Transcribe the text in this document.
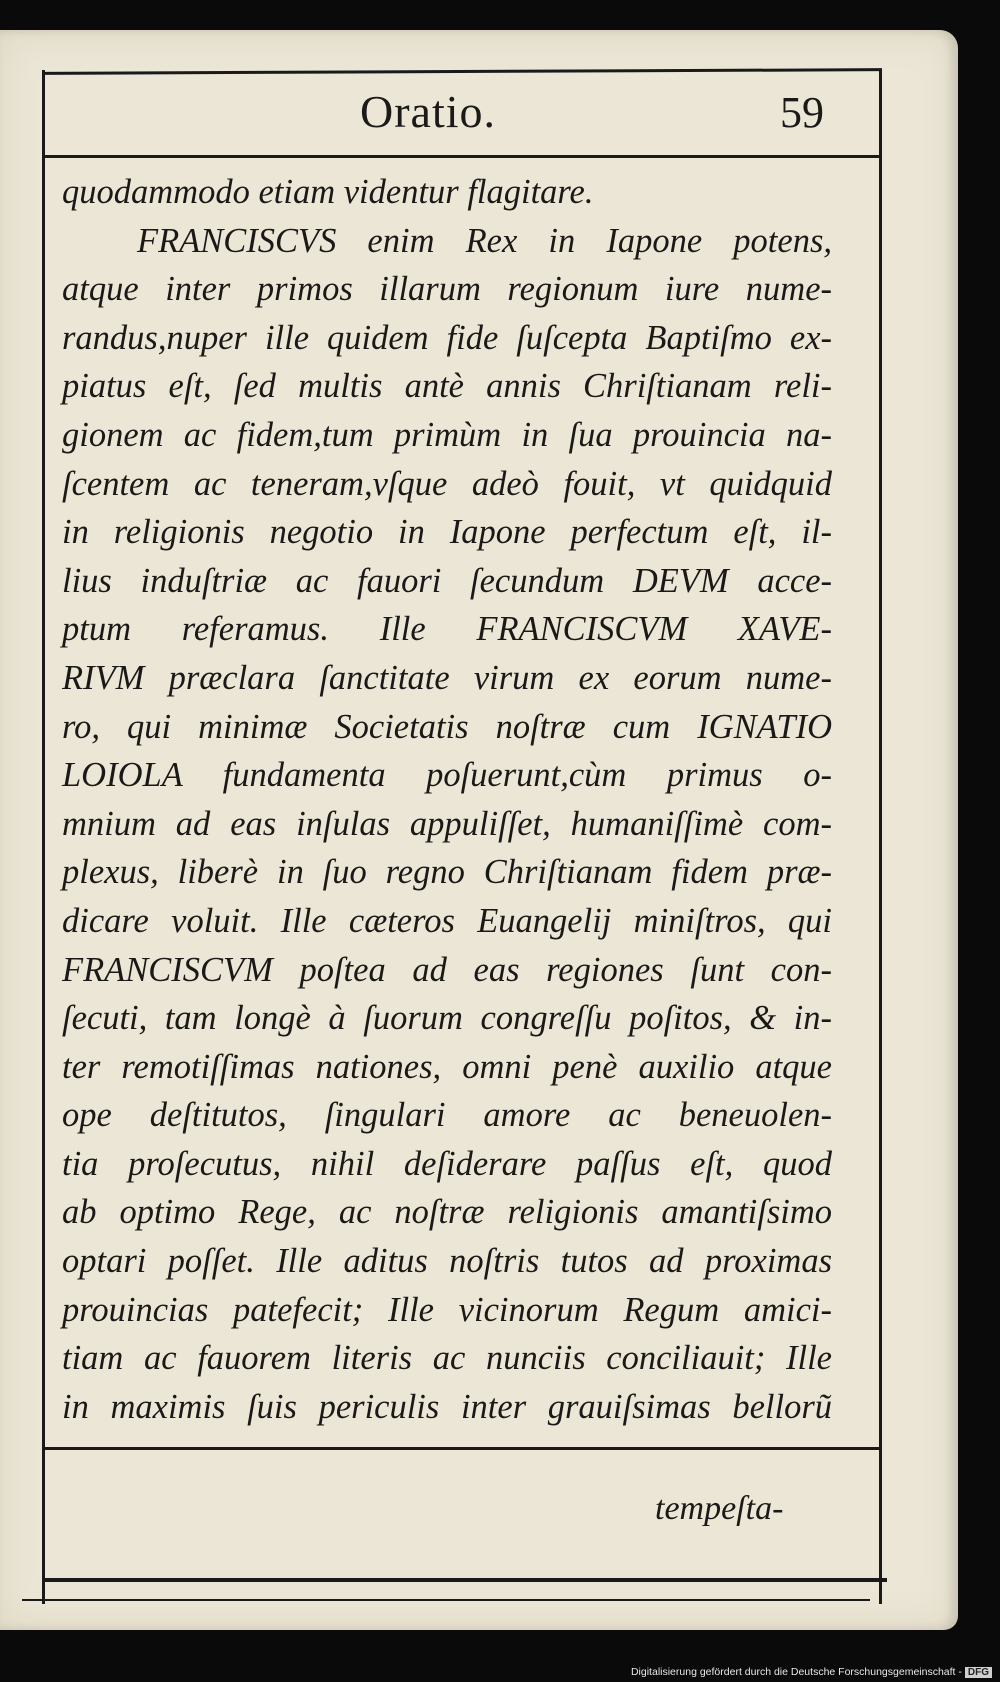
Oratio.	59
quodammodo etiam videntur flagitare.
FRANCISCVS enim Rex in Iapone potens,
atque inter primos illarum regionum iure nume-
randus,nuper ille quidem fide ſuſcepta Baptiſmo ex-
piatus eſt, ſed multis antè annis Chriſtianam reli-
gionem ac fidem,tum primùm in ſua prouincia na-
ſcentem ac teneram,vſque adeò fouit, vt quidquid
in religionis negotio in Iapone perfectum eſt, il-
lius induſtriæ ac fauori ſecundum DEVM acce-
ptum referamus. Ille FRANCISCVM XAVE-
RIVM præclara ſanctitate virum ex eorum nume-
ro, qui minimæ Societatis noſtræ cum IGNATIO
LOIOLA fundamenta poſuerunt,cùm primus o-
mnium ad eas inſulas appuliſſet, humaniſſimè com-
plexus, liberè in ſuo regno Chriſtianam fidem præ-
dicare voluit. Ille cæteros Euangelij miniſtros, qui
FRANCISCVM poſtea ad eas regiones ſunt con-
ſecuti, tam longè à ſuorum congreſſu poſitos, & in-
ter remotiſſimas nationes, omni penè auxilio atque
ope deſtitutos, ſingulari amore ac beneuolen-
tia proſecutus, nihil deſiderare paſſus eſt, quod
ab optimo Rege, ac noſtræ religionis amantiſsimo
optari poſſet. Ille aditus noſtris tutos ad proximas
prouincias patefecit; Ille vicinorum Regum amici-
tiam ac fauorem literis ac nunciis conciliauit; Ille
in maximis ſuis periculis inter grauiſsimas bellorũ
tempeſta-
Digitalisierung gefördert durch die Deutsche Forschungsgemeinschaft - DFG
